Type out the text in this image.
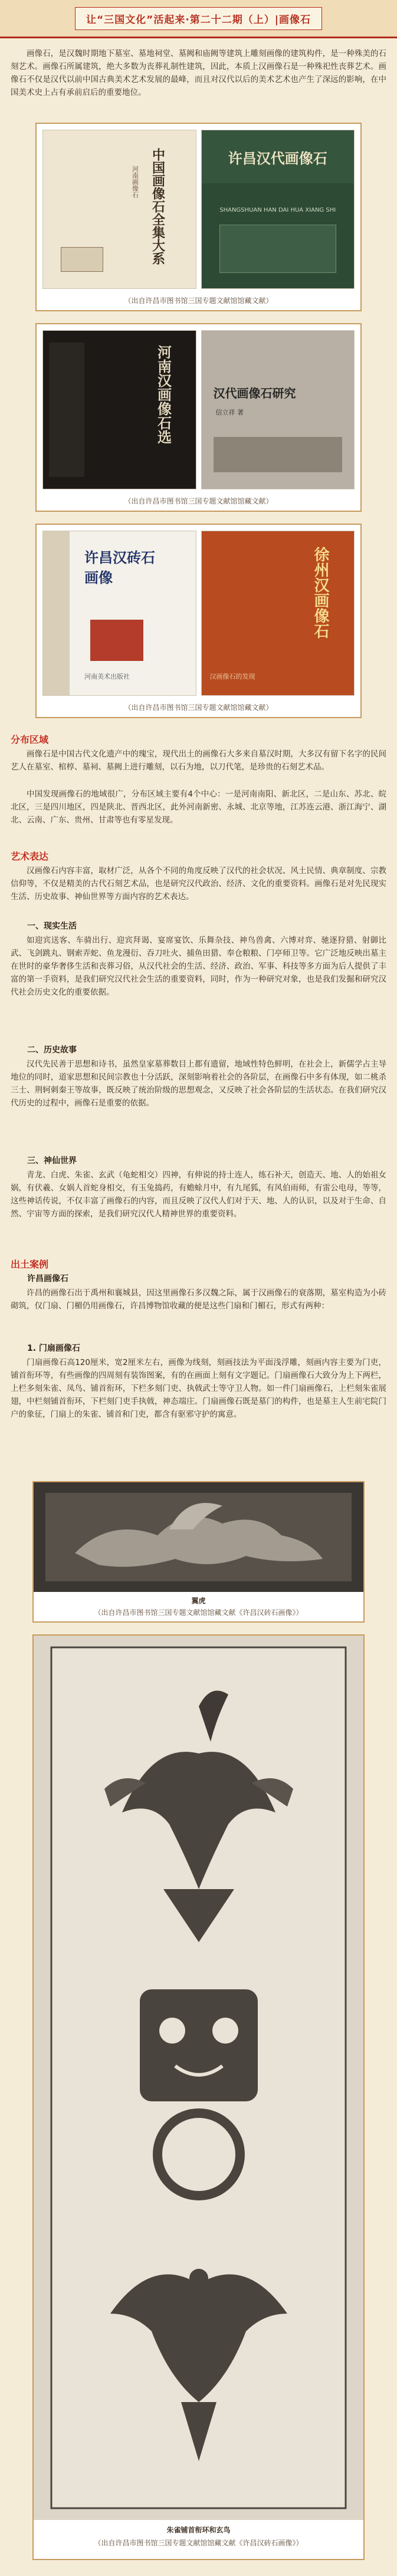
让“三国文化”活起来·第二十二期（上）|画像石

画像石，是汉魏时期地下墓室、墓地祠堂、墓阙和庙阙等建筑上雕刻画像的建筑构件，是一种殊美的石刻艺术。画像石所属建筑，绝大多数为丧葬礼制性建筑，因此，本质上汉画像石是一种殊祀性丧葬艺术。画像石不仅是汉代以前中国古典美术艺术发展的最峰，而且对汉代以后的美术艺术也产生了深远的影响，在中国美术史上占有承前启后的重要地位。

中国画像石全集大系
河南画像石
许昌汉代画像石
SHANGSHUAN HAN DAI HUA XIANG SHI
（出自许昌市图书馆三国专题文献馆馆藏文献）
河南汉画像石选	汉代画像石研究
信立祥 著
（出自许昌市图书馆三国专题文献馆馆藏文献）
许昌汉砖石画像
河南美术出版社
徐州汉画像石
汉画像石的发现
（出自许昌市图书馆三国专题文献馆馆藏文献）
分布区域

画像石是中国古代文化遗产中的瑰宝，现代出土的画像石大多来自墓汉时期，大多汉有留下名字的民间艺人在墓室、棺椁、墓祠、墓阙上进行雕刻，以石为地，以刀代笔，是珍贵的石刻艺术品。

中国发现画像石的地域很广，分布区域主要有4个中心：一是河南南阳、新北区，二是山东、苏北、皖北区，三是四川地区，四是陕北、晋西北区，此外河南新密、永城、北京等地，江苏连云港、浙江海宁、湖北、云南、广东、贵州、甘肃等也有零星发现。

艺术表达

汉画像石内容丰富，取材广泛，从各个不同的角度反映了汉代的社会状况、风土民情、典章制度、宗教信仰等，不仅是精美的古代石刻艺术品，也是研究汉代政治、经济、文化的重要资料。画像石是对先民现实生活、历史故事、神仙世界等方面内容的艺术表达。

一、现实生活

如迎宾送客、车骑出行、迎宾拜谒、宴席宴饮、乐舞杂技、神鸟兽禽、六博对弈、驰逐狩猎、射御比武、飞剑跳丸、钢索弄蛇、鱼龙漫衍、吞刀吐火、捕鱼田猎、奉仓粮粮、门亭师卫等。它广泛地反映出墓主在世时的豪华奢侈生活和丧葬习俗，从汉代社会的生活、经济、政治、军事、科技等多方面为后人提供了丰富的第一手资料，是我们研究汉代社会生活的重要资料，同时，作为一种研究对象，也是我们发掘和研究汉代社会历史文化的重要依据。

二、历史故事

汉代先民善于思想和诗书，虽然皇家墓葬数目上都有遗留，地域性特色鲜明，在社会上，新儒学占主导地位的同时，道家思想和民间宗教也十分活跃，深刻影响着社会的各阶层，在画像石中多有体现，如二桃杀三士、荆轲刺秦王等故事，既反映了统治阶级的思想观念，又反映了社会各阶层的生活状态。在我们研究汉代历史的过程中，画像石是重要的依据。

三、神仙世界

青龙、白虎、朱雀、玄武（龟蛇相交）四神，有伸说的持士连人，练石补天，创造天、地、人的始祖女娲，有伏羲、女娲人首蛇身相交，有玉兔捣药，有蟾蜍月中，有九尾狐，有风伯雨师，有雷公电母，等等，这些神话传说，不仅丰富了画像石的内容，而且反映了汉代人们对于天、地、人的认识，以及对于生命、自然、宇宙等方面的探索，是我们研究汉代人精神世界的重要资料。

出土案例
许昌画像石

许昌的画像石出于禹州和襄城县，因这里画像石多汉魏之际，属于汉画像石的衰落期，墓室构造为小砖砌筑，仅门扇、门楣仍用画像石，许昌博物馆收藏的便是这些门扇和门楣石，形式有两种：

1. 门扇画像石

门扇画像石高120厘米，宽2厘米左右，画像为线刻，刻画技法为平面浅浮雕，刻画内容主要为门吏，铺首衔环等，有些画像的四周刻有装饰图案，有的在画面上刻有文字题记。门扇画像石大致分为上下两栏，上栏多刻朱雀、凤鸟、铺首衔环，下栏多刻门吏、执戟武士等守卫人物。如一件门扇画像石，上栏刻朱雀展翅，中栏刻铺首衔环，下栏刻门吏手执戟，神态端庄。门扇画像石既是墓门的构件，也是墓主人生前宅院门户的象征，门扇上的朱雀、铺首和门吏，都含有驱邪守护的寓意。

翼虎
（出自许昌市图书馆三国专题文献馆馆藏文献《许昌汉砖石画像》）
朱雀铺首衔环和玄鸟
（出自许昌市图书馆三国专题文献馆馆藏文献《许昌汉砖石画像》）
